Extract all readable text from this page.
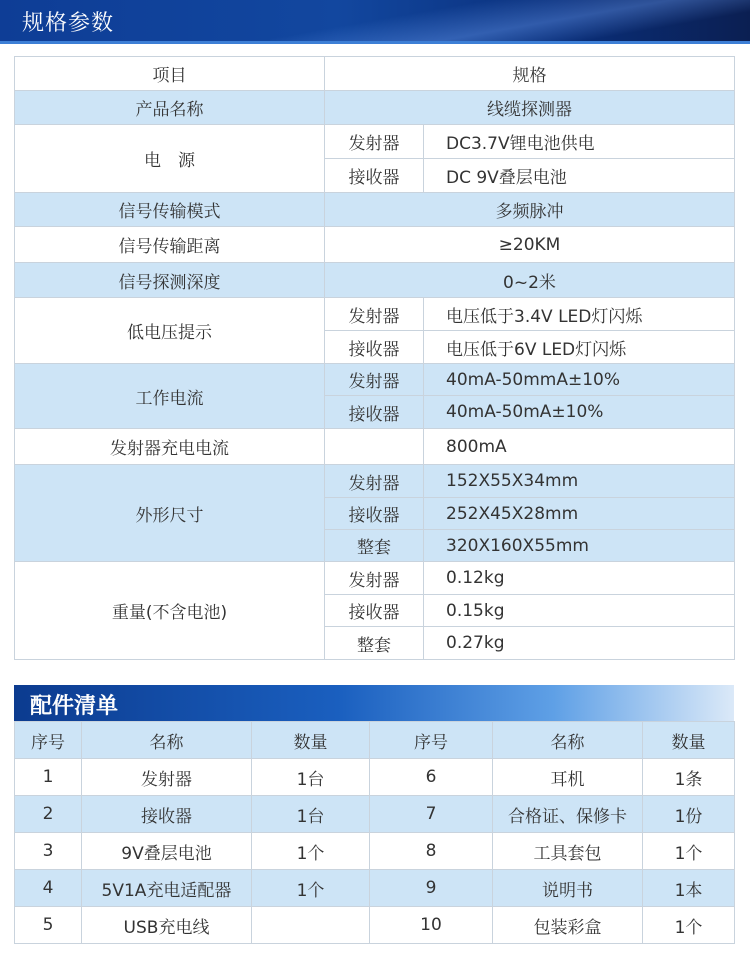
规格参数
项目	规格	
产品名称	线缆探测器	
电　源	发射器	DC3.7V锂电池供电
	接收器	DC 9V叠层电池
信号传输模式	多频脉冲	
信号传输距离	≥20KM	
信号探测深度	0~2米	
低电压提示	发射器	电压低于3.4V LED灯闪烁
	接收器	电压低于6V LED灯闪烁
工作电流	发射器	40mA-50mmA±10%
	接收器	40mA-50mA±10%
发射器充电电流		800mA
外形尺寸	发射器	152X55X34mm
	接收器	252X45X28mm
	整套	320X160X55mm
重量(不含电池)	发射器	0.12kg
	接收器	0.15kg
	整套	0.27kg
配件清单
序号	名称	数量	序号	名称	数量
1	发射器	1台	6	耳机	1条
2	接收器	1台	7	合格证、保修卡	1份
3	9V叠层电池	1个	8	工具套包	1个
4	5V1A充电适配器	1个	9	说明书	1本
5	USB充电线		10	包装彩盒	1个
